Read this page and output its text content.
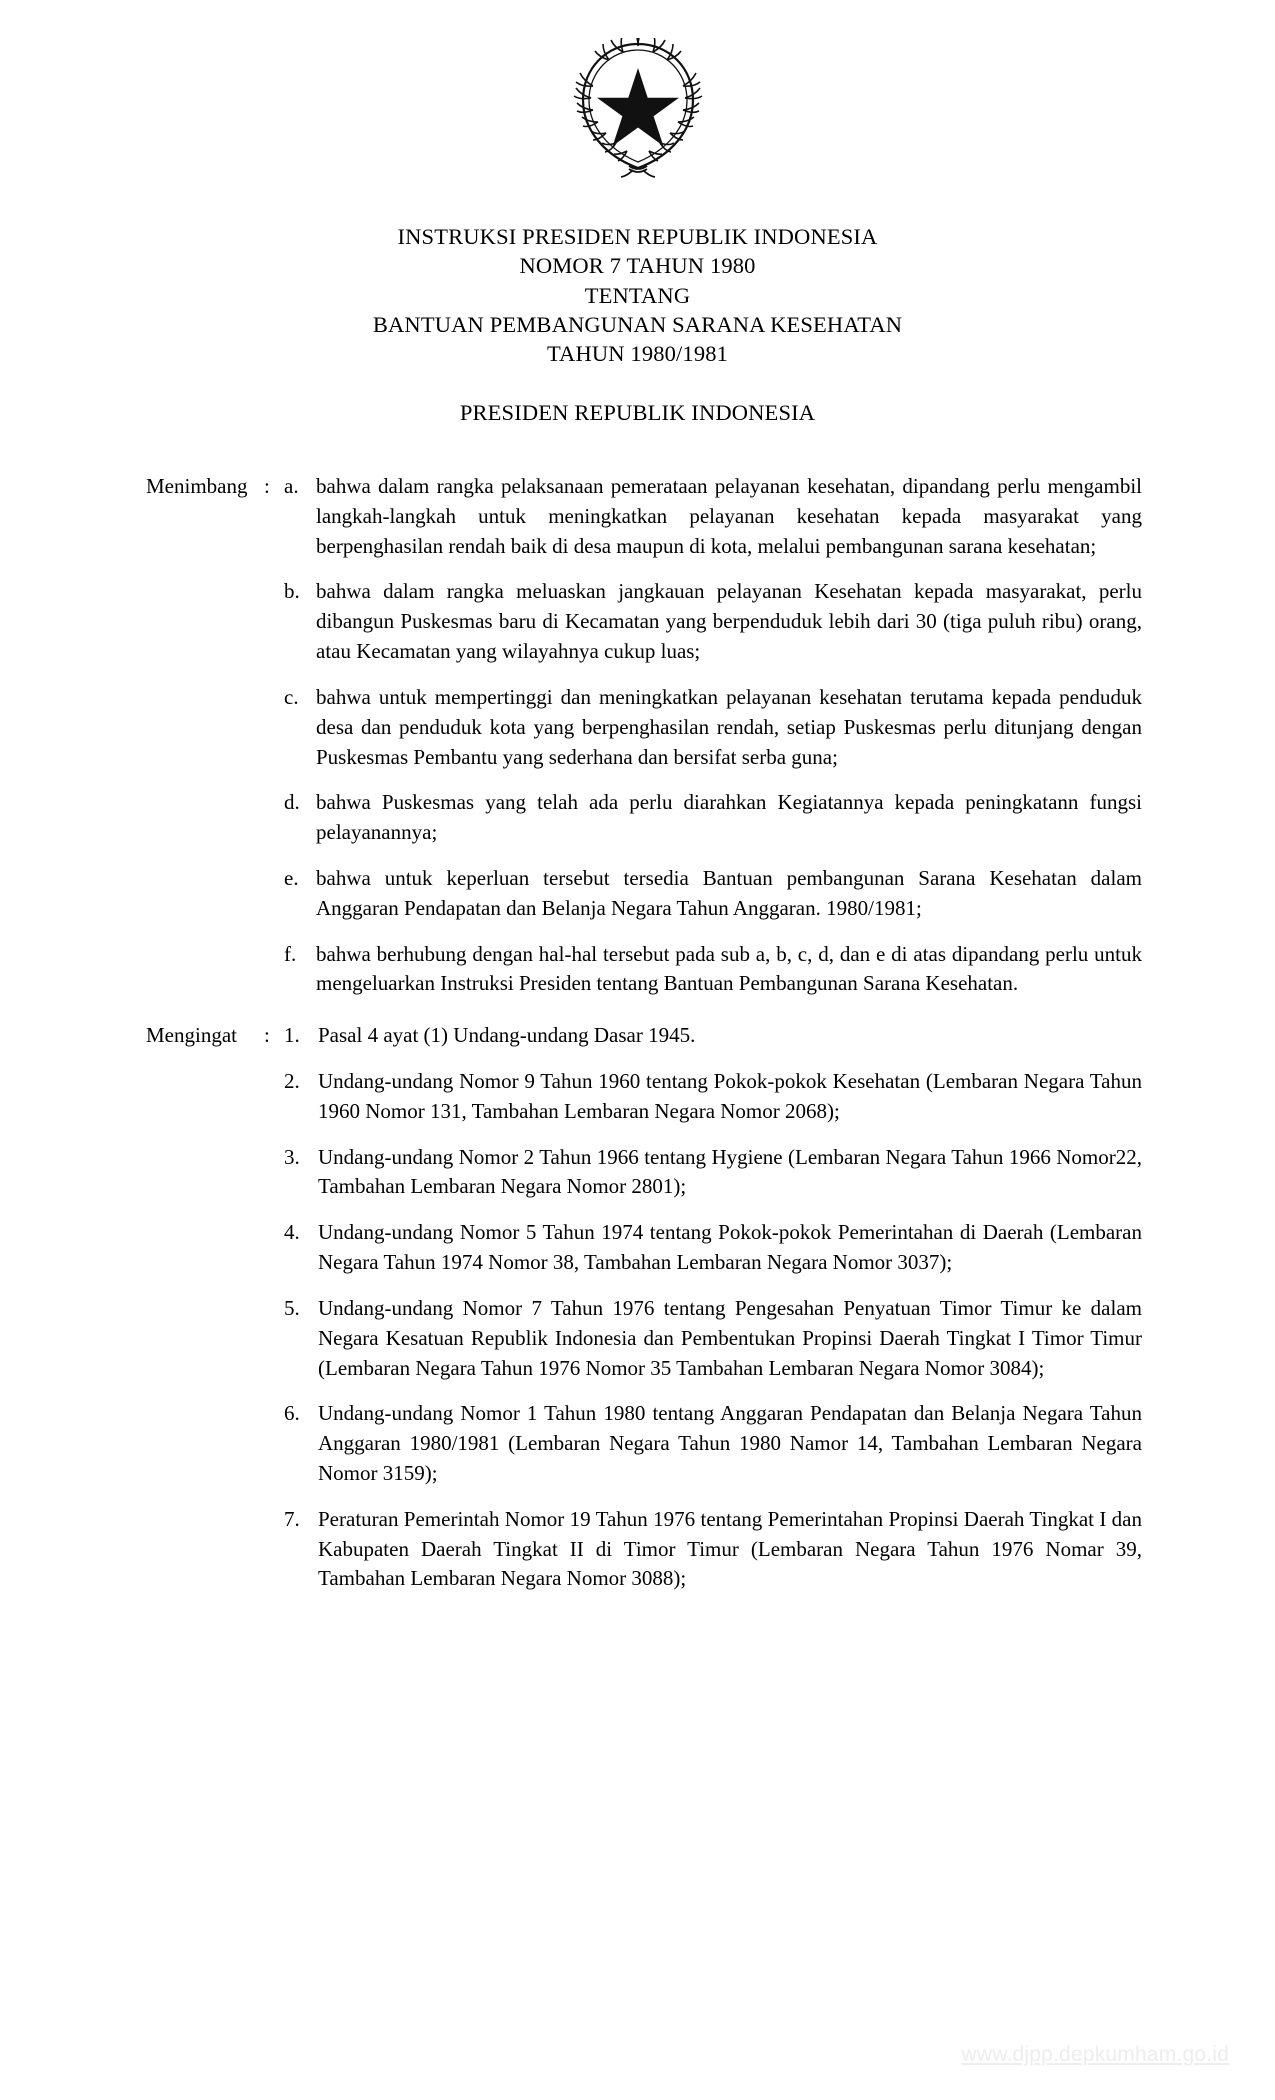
INSTRUKSI PRESIDEN REPUBLIK INDONESIA
NOMOR 7 TAHUN 1980
TENTANG
BANTUAN PEMBANGUNAN SARANA KESEHATAN
TAHUN 1980/1981
PRESIDEN REPUBLIK INDONESIA
Menimbang : a. bahwa dalam rangka pelaksanaan pemerataan pelayanan kesehatan, dipandang perlu mengambil langkah-langkah untuk meningkatkan pelayanan kesehatan kepada masyarakat yang berpenghasilan rendah baik di desa maupun di kota, melalui pembangunan sarana kesehatan;
b. bahwa dalam rangka meluaskan jangkauan pelayanan Kesehatan kepada masyarakat, perlu dibangun Puskesmas baru di Kecamatan yang berpenduduk lebih dari 30 (tiga puluh ribu) orang, atau Kecamatan yang wilayahnya cukup luas;
c. bahwa untuk mempertinggi dan meningkatkan pelayanan kesehatan terutama kepada penduduk desa dan penduduk kota yang berpenghasilan rendah, setiap Puskesmas perlu ditunjang dengan Puskesmas Pembantu yang sederhana dan bersifat serba guna;
d. bahwa Puskesmas yang telah ada perlu diarahkan Kegiatannya kepada peningkatann fungsi pelayanannya;
e. bahwa untuk keperluan tersebut tersedia Bantuan pembangunan Sarana Kesehatan dalam Anggaran Pendapatan dan Belanja Negara Tahun Anggaran. 1980/1981;
f. bahwa berhubung dengan hal-hal tersebut pada sub a, b, c, d, dan e di atas dipandang perlu untuk mengeluarkan Instruksi Presiden tentang Bantuan Pembangunan Sarana Kesehatan.
Mengingat	: 1. Pasal 4 ayat (1) Undang-undang Dasar 1945.
2. Undang-undang Nomor 9 Tahun 1960 tentang Pokok-pokok Kesehatan (Lembaran Negara Tahun 1960 Nomor 131, Tambahan Lembaran Negara Nomor 2068);
3. Undang-undang Nomor 2 Tahun 1966 tentang Hygiene (Lembaran Negara Tahun 1966 Nomor22, Tambahan Lembaran Negara Nomor 2801);
4. Undang-undang Nomor 5 Tahun 1974 tentang Pokok-pokok Pemerintahan di Daerah (Lembaran Negara Tahun 1974 Nomor 38, Tambahan Lembaran Negara Nomor 3037);
5. Undang-undang Nomor 7 Tahun 1976 tentang Pengesahan Penyatuan Timor Timur ke dalam Negara Kesatuan Republik Indonesia dan Pembentukan Propinsi Daerah Tingkat I Timor Timur (Lembaran Negara Tahun 1976 Nomor 35 Tambahan Lembaran Negara Nomor 3084);
6. Undang-undang Nomor 1 Tahun 1980 tentang Anggaran Pendapatan dan Belanja Negara Tahun Anggaran 1980/1981 (Lembaran Negara Tahun 1980 Namor 14, Tambahan Lembaran Negara Nomor 3159);
7. Peraturan Pemerintah Nomor 19 Tahun 1976 tentang Pemerintahan Propinsi Daerah Tingkat I dan Kabupaten Daerah Tingkat II di Timor Timur (Lembaran Negara Tahun 1976 Nomar 39, Tambahan Lembaran Negara Nomor 3088);
www.djpp.depkumham.go.id
